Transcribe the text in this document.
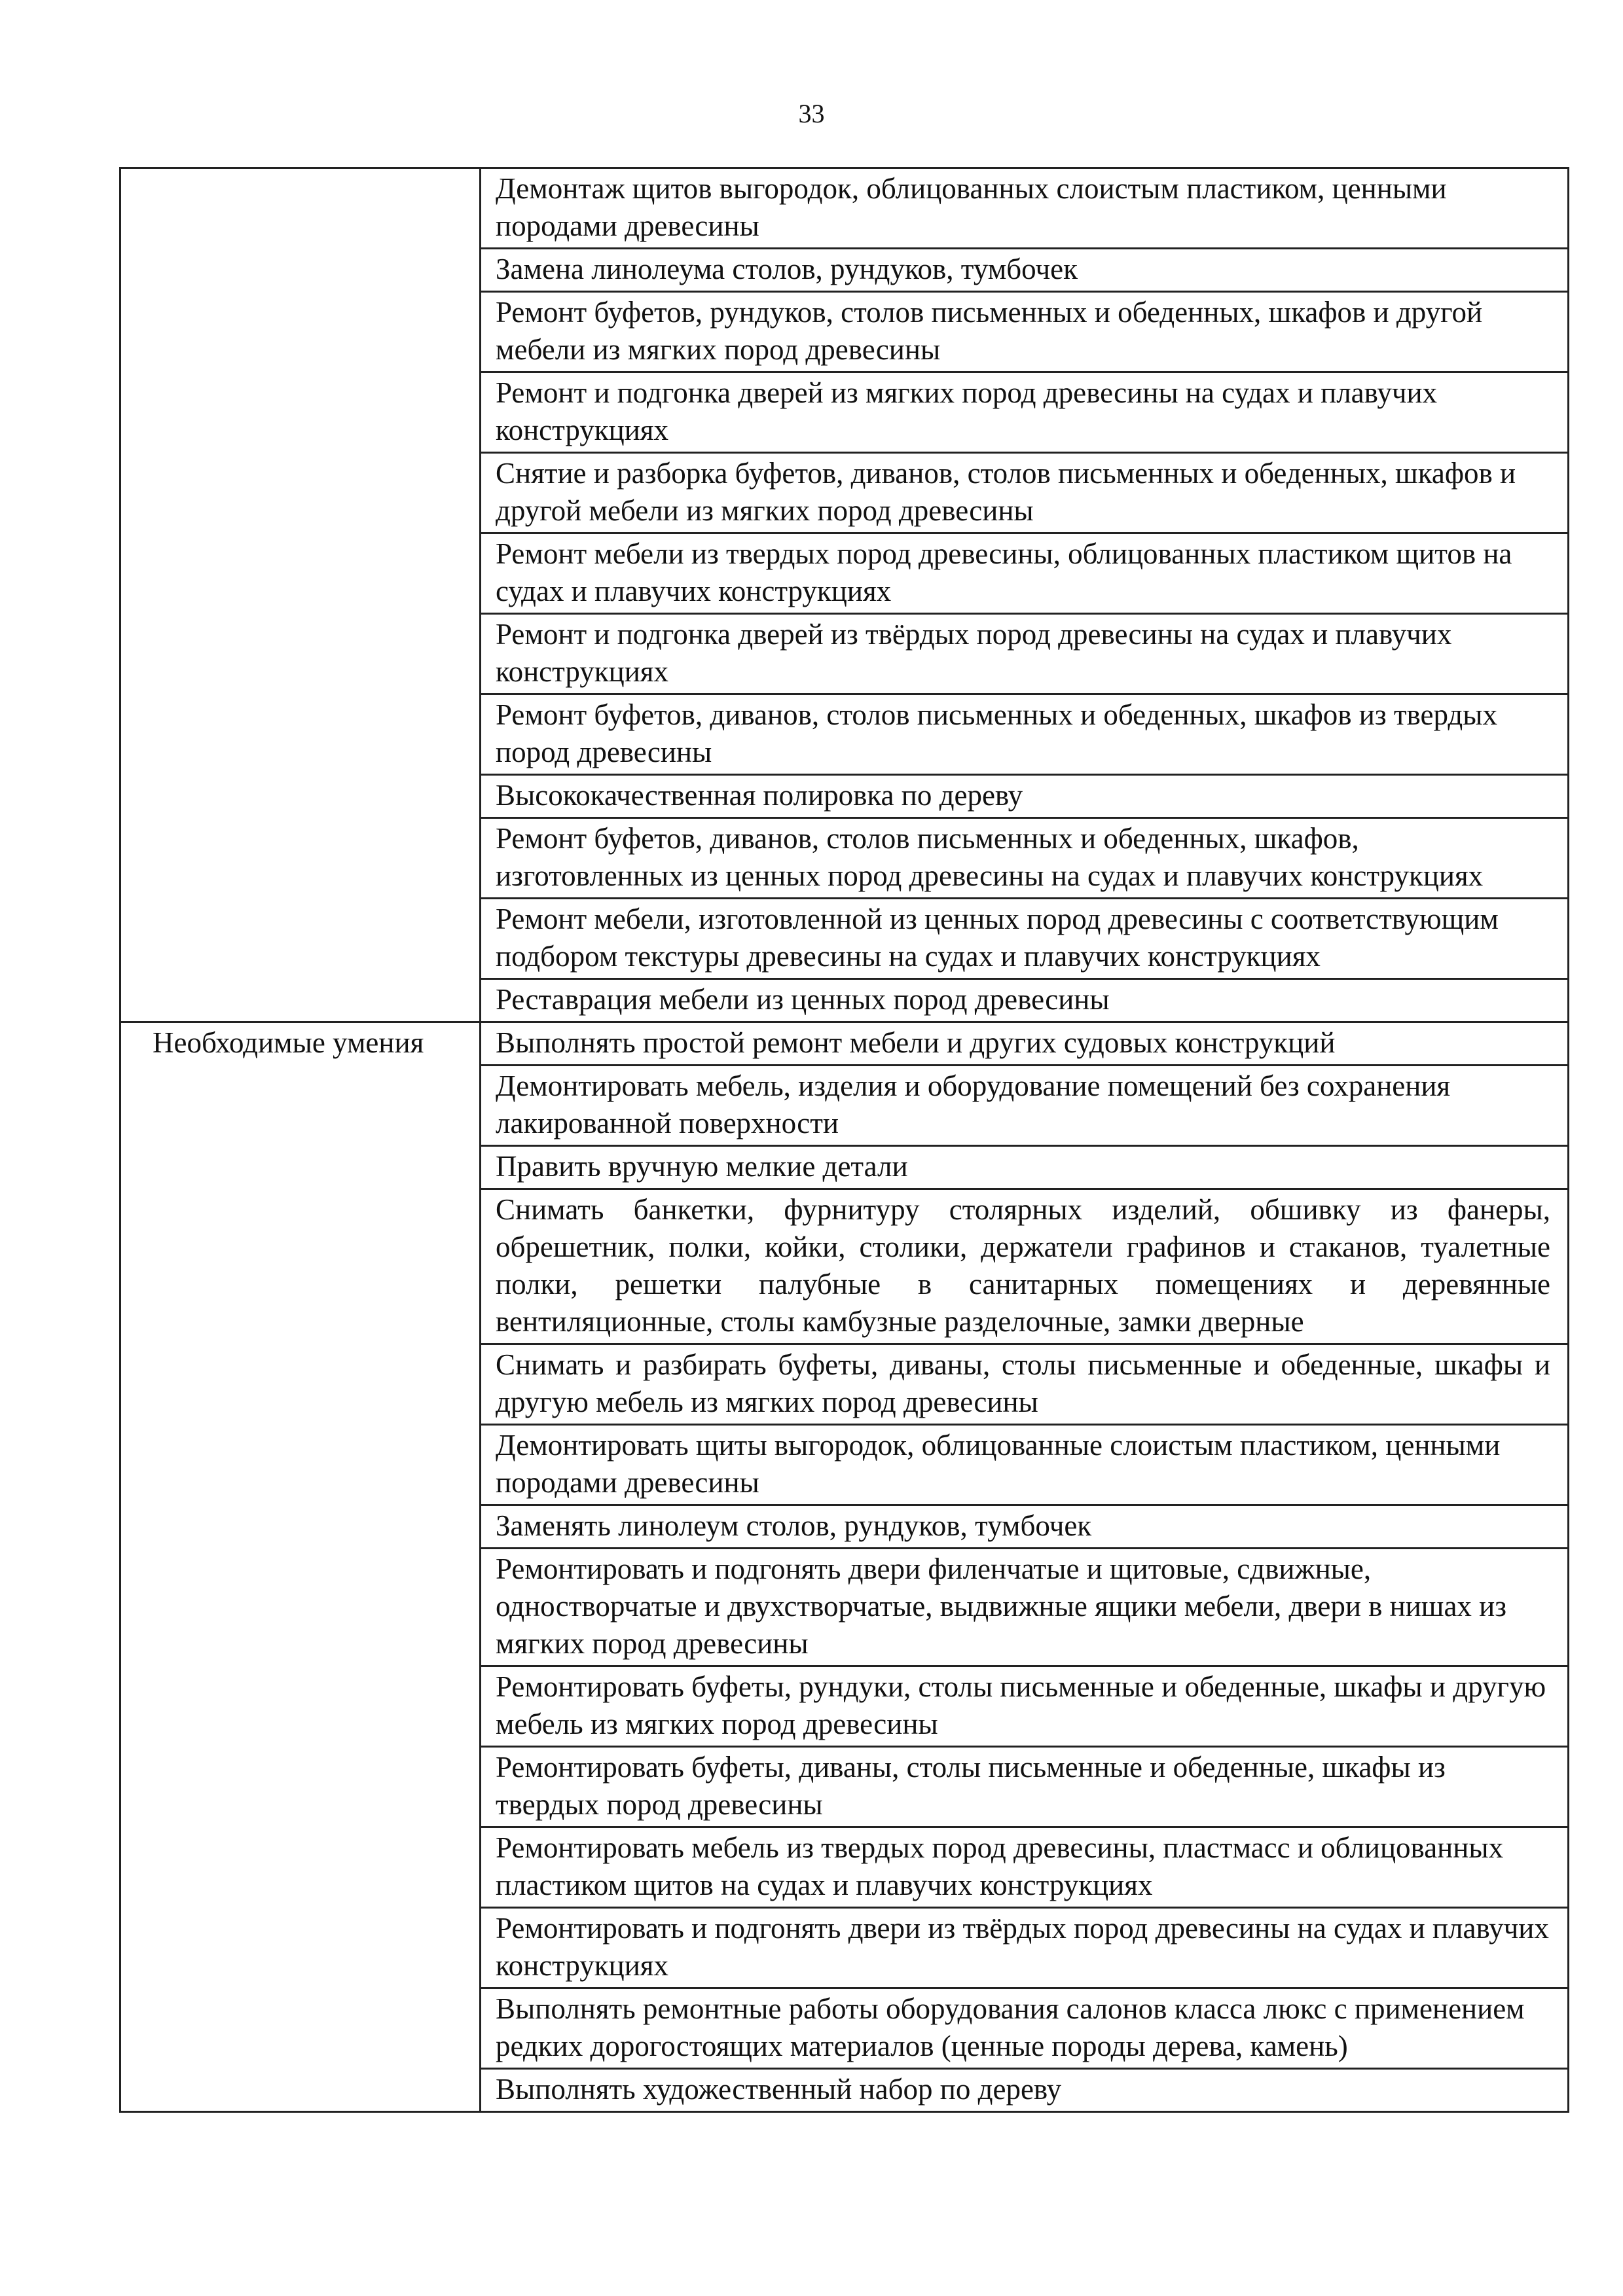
33
Демонтаж щитов выгородок, облицованных слоистым пластиком, ценными породами древесины
Замена линолеума столов, рундуков, тумбочек
Ремонт буфетов, рундуков, столов письменных и обеденных, шкафов и другой мебели из мягких пород древесины
Ремонт и подгонка дверей из мягких пород древесины на судах и плавучих конструкциях
Снятие и разборка буфетов, диванов, столов письменных и обеденных, шкафов и другой мебели из мягких пород древесины
Ремонт мебели из твердых пород древесины, облицованных пластиком щитов на судах и плавучих конструкциях
Ремонт и подгонка дверей из твёрдых пород древесины на судах и плавучих конструкциях
Ремонт буфетов, диванов, столов письменных и обеденных, шкафов из твердых пород древесины
Высококачественная полировка по дереву
Ремонт буфетов, диванов, столов письменных и обеденных, шкафов, изготовленных из ценных пород древесины на судах и плавучих конструкциях
Ремонт мебели, изготовленной из ценных пород древесины с соответствующим подбором текстуры древесины на судах и плавучих конструкциях
Реставрация мебели из ценных пород древесины
Необходимые умения	Выполнять простой ремонт мебели и других судовых конструкций
Демонтировать мебель, изделия и оборудование помещений без сохранения лакированной поверхности
Править вручную мелкие детали
Снимать банкетки, фурнитуру столярных изделий, обшивку из фанеры, обрешетник, полки, койки, столики, держатели графинов и стаканов, туалетные полки, решетки палубные в санитарных помещениях и деревянные вентиляционные, столы камбузные разделочные, замки дверные
Снимать и разбирать буфеты, диваны, столы письменные и обеденные, шкафы и другую мебель из мягких пород древесины
Демонтировать щиты выгородок, облицованные слоистым пластиком, ценными породами древесины
Заменять линолеум столов, рундуков, тумбочек
Ремонтировать и подгонять двери филенчатые и щитовые, сдвижные, одностворчатые и двухстворчатые, выдвижные ящики мебели, двери в нишах из мягких пород древесины
Ремонтировать буфеты, рундуки, столы письменные и обеденные, шкафы и другую мебель из мягких пород древесины
Ремонтировать буфеты, диваны, столы письменные и обеденные, шкафы из твердых пород древесины
Ремонтировать мебель из твердых пород древесины, пластмасс и облицованных пластиком щитов на судах и плавучих конструкциях
Ремонтировать и подгонять двери из твёрдых пород древесины на судах и плавучих конструкциях
Выполнять ремонтные работы оборудования салонов класса люкс с применением редких дорогостоящих материалов (ценные породы дерева, камень)
Выполнять художественный набор по дереву
